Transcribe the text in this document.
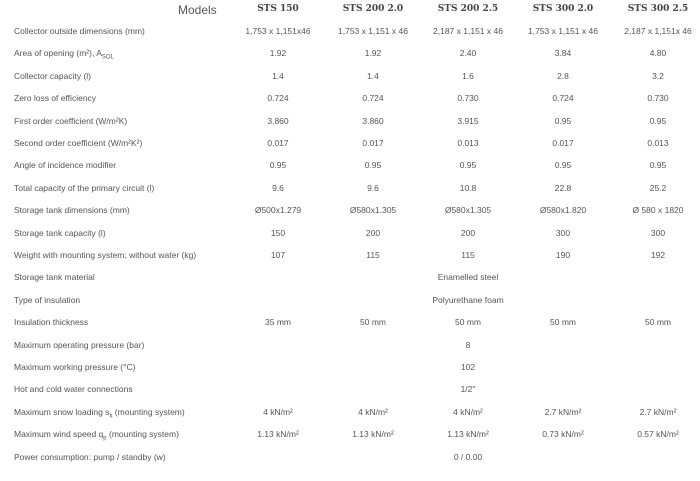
Models	STS 150	STS 200 2.0	STS 200 2.5	STS 300 2.0	STS 300 2.5
Collector outside dimensions (mm)	1,753 x 1,151x46	1,753 x 1,151 x 46	2,187 x 1,151 x 46	1,753 x 1,151 x 46	2,187 x 1,151x 46
Area of opening (m²), $A_{SOL}$	1.92	1.92	2.40	3.84	4.80
Collector capacity (l)	1.4	1.4	1.6	2.8	3.2
Zero loss of efficiency	0.724	0.724	0.730	0.724	0.730
First order coefficient (W/m²K)	3.860	3.860	3.915	0.95	0.95
Second order coefficient (W/m²K²)	0.017	0.017	0.013	0.017	0.013
Angle of incidence modifier	0.95	0.95	0.95	0.95	0.95
Total capacity of the primary circuit (l)	9.6	9.6	10.8	22.8	25.2
Storage tank dimensions (mm)	Ø500x1.279	Ø580x1.305	Ø580x1.305	Ø580x1.820	Ø 580 x 1820
Storage tank capacity (l)	150	200	200	300	300
Weight with mounting system; without water (kg)	107	115	115	190	192
Storage tank material	Enamelled steel
Type of insulation	Polyurethane foam
Insulation thickness	35 mm	50 mm	50 mm	50 mm	50 mm
Maximum operating pressure (bar)	8
Maximum working pressure (°C)	102
Hot and cold water connections	1/2"
Maximum snow loading $s_k$ (mounting system)	4 kN/m²	4 kN/m²	4 kN/m²	2.7 kN/m²	2.7 kN/m²
Maximum wind speed $q_p$ (mounting system)	1.13 kN/m²	1.13 kN/m²	1.13 kN/m²	0.73 kN/m²	0.57 kN/m²
Power consumption: pump / standby (w)	0 / 0.00
